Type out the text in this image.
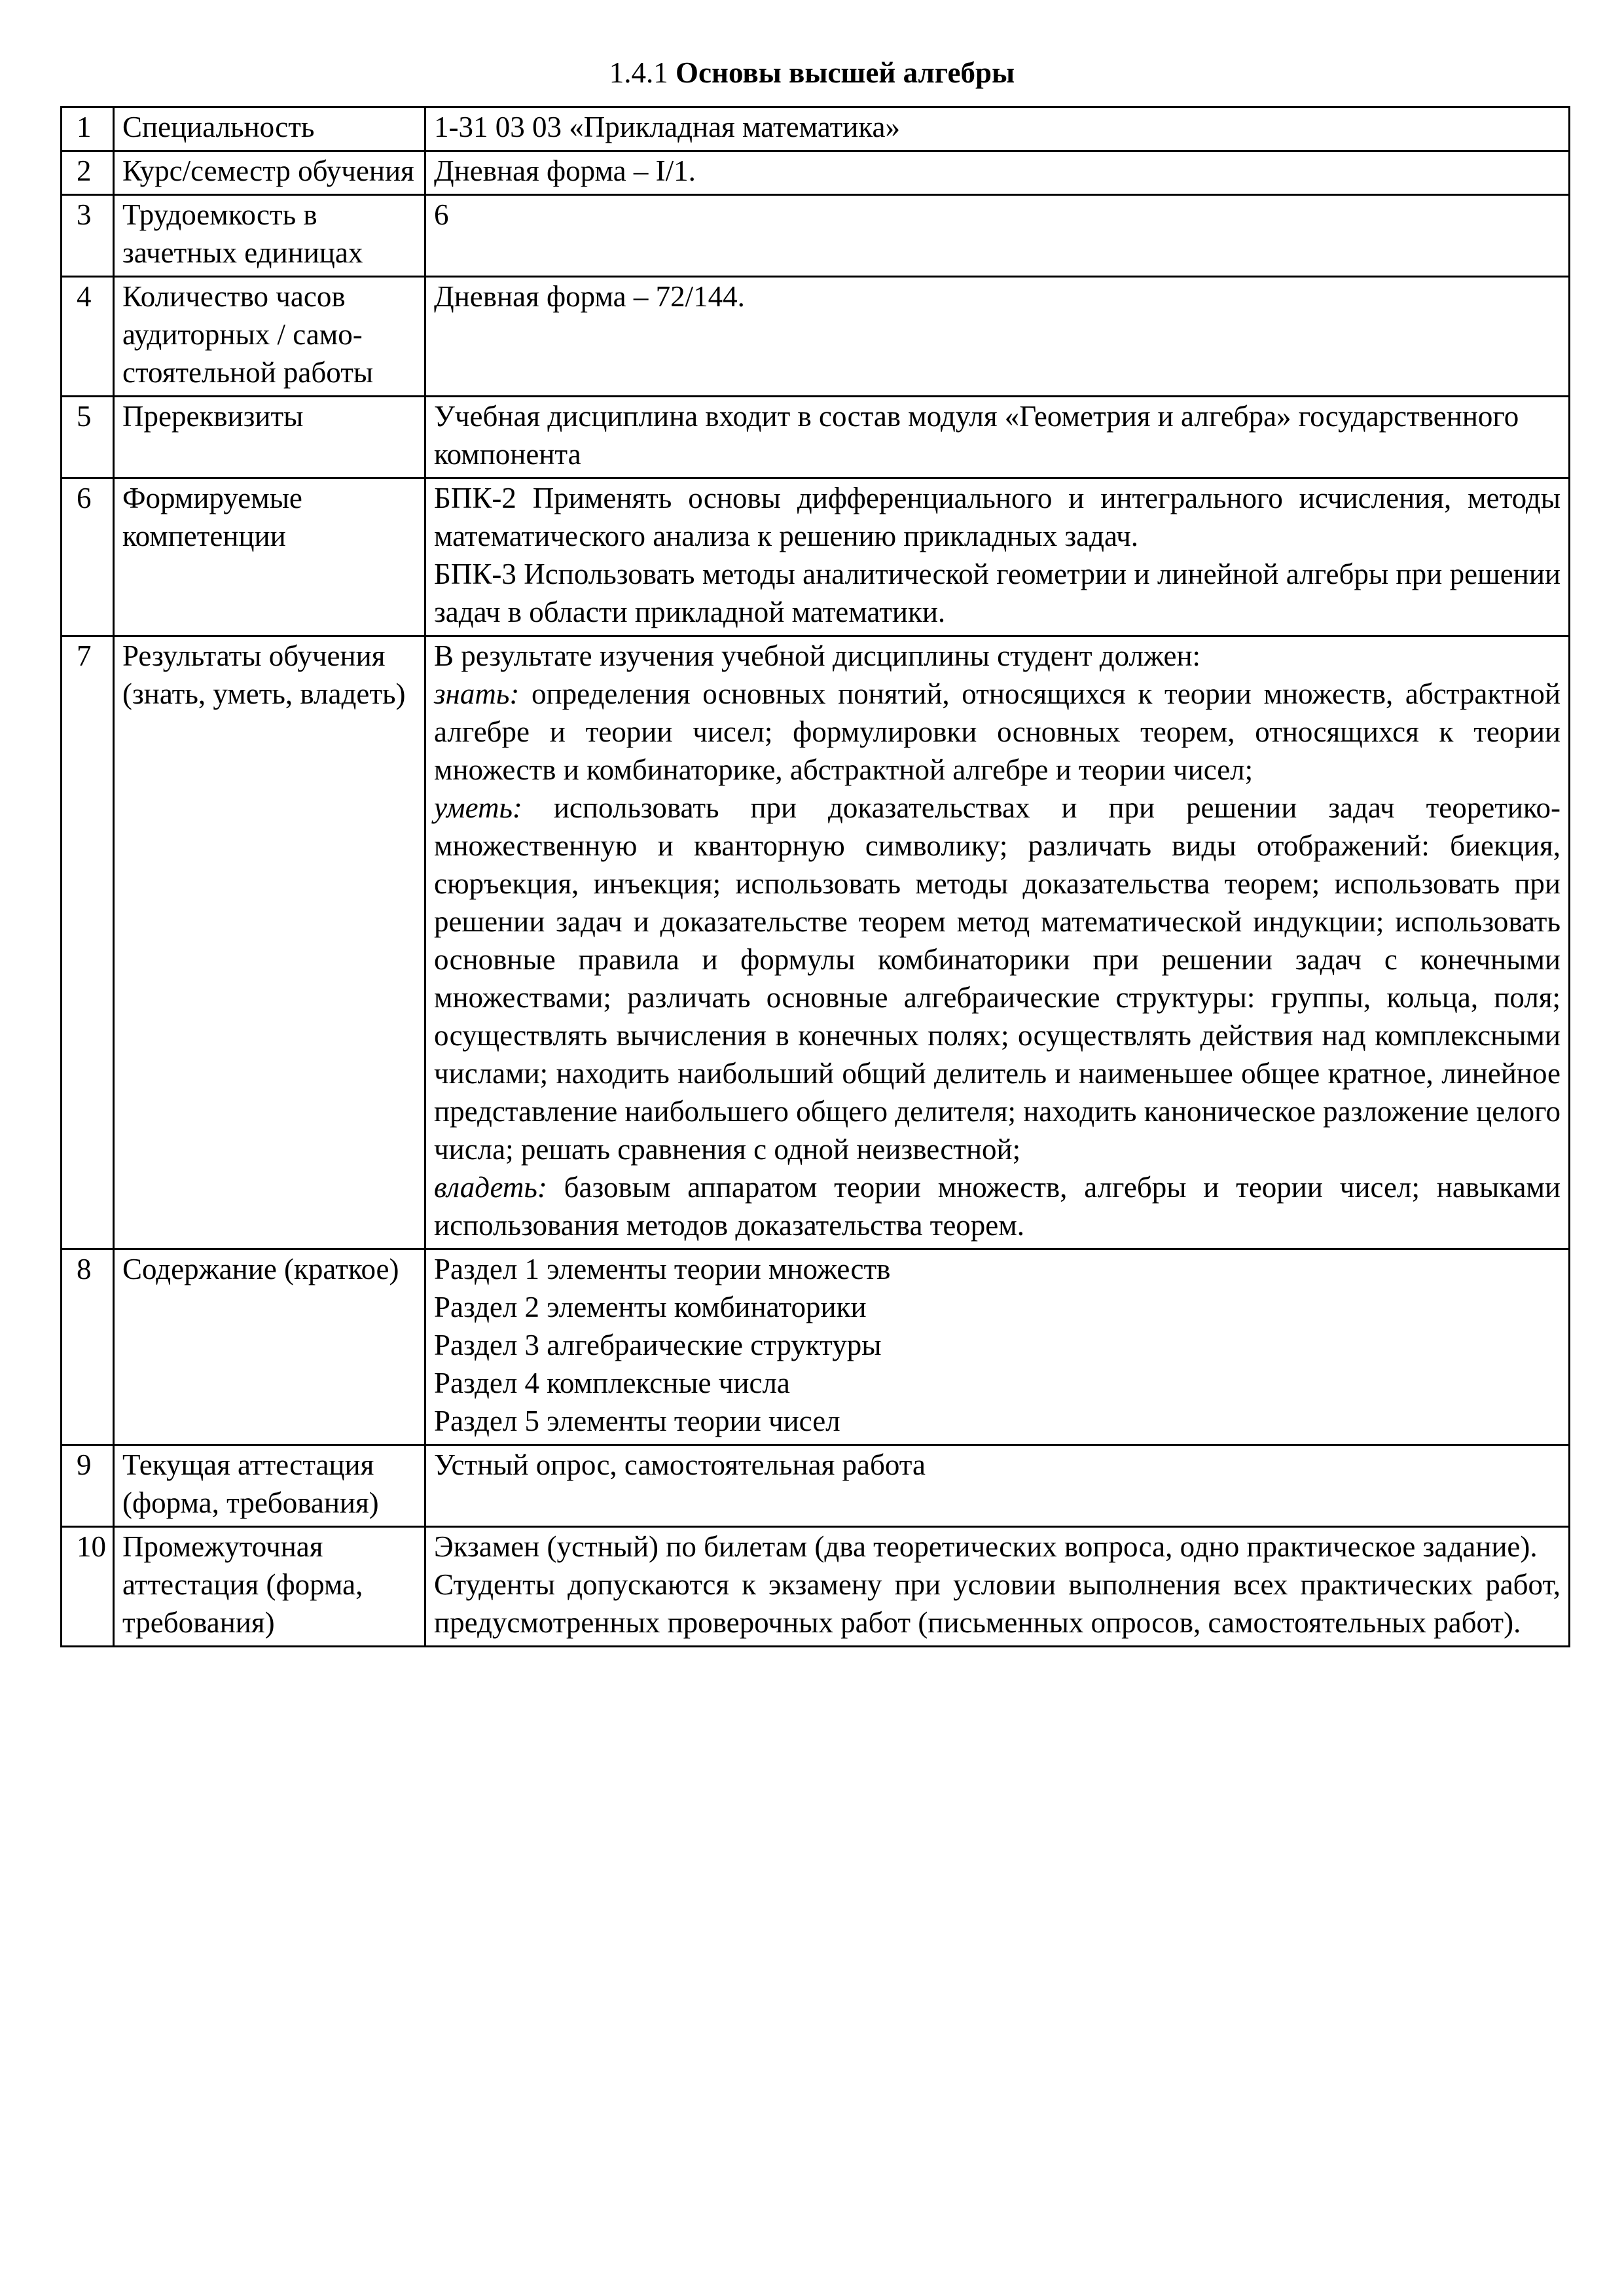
1.4.1 Основы высшей алгебры
1	Специальность	1-31 03 03 «Прикладная математика»

2	Курс/семестр обучения	Дневная форма – I/1.

3	Трудоемкость в зачетных единицах	6

4	Количество часов аудиторных / само-стоятельной работы	Дневная форма – 72/144.

5	Пререквизиты	Учебная дисциплина входит в состав модуля «Геометрия и алгебра» государственного компонента

6	Формируемые компетенции	БПК-2 Применять основы дифференциального и интегрального исчисления, методы математического анализа к решению прикладных задач.
БПК-3 Использовать методы аналитической геометрии и линейной алгебры при решении задач в области прикладной математики.

7	Результаты обучения (знать, уметь, владеть)	В результате изучения учебной дисциплины студент должен:
знать: определения основных понятий, относящихся к теории множеств, абстрактной алгебре и теории чисел; формулировки основных теорем, относящихся к теории множеств и комбинаторике, абстрактной алгебре и теории чисел;
уметь: использовать при доказательствах и при решении задач теоретико-множественную и кванторную символику; различать виды отображений: биекция, сюръекция, инъекция; использовать методы доказательства теорем; использовать при решении задач и доказательстве теорем метод математической индукции; использовать основные правила и формулы комбинаторики при решении задач с конечными множествами; различать основные алгебраические структуры: группы, кольца, поля; осуществлять вычисления в конечных полях; осуществлять действия над комплексными числами; находить наибольший общий делитель и наименьшее общее кратное, линейное представление наибольшего общего делителя; находить каноническое разложение целого числа; решать сравнения с одной неизвестной;
владеть: базовым аппаратом теории множеств, алгебры и теории чисел; навыками использования методов доказательства теорем.

8	Содержание (краткое)	Раздел 1 элементы теории множеств
Раздел 2 элементы комбинаторики
Раздел 3 алгебраические структуры
Раздел 4 комплексные числа
Раздел 5 элементы теории чисел

9	Текущая аттестация (форма, требования)	Устный опрос, самостоятельная работа

10	Промежуточная аттестация (форма, требования)	Экзамен (устный) по билетам (два теоретических вопроса, одно практическое задание).
Студенты допускаются к экзамену при условии выполнения всех практических работ, предусмотренных проверочных работ (письменных опросов, самостоятельных работ).
